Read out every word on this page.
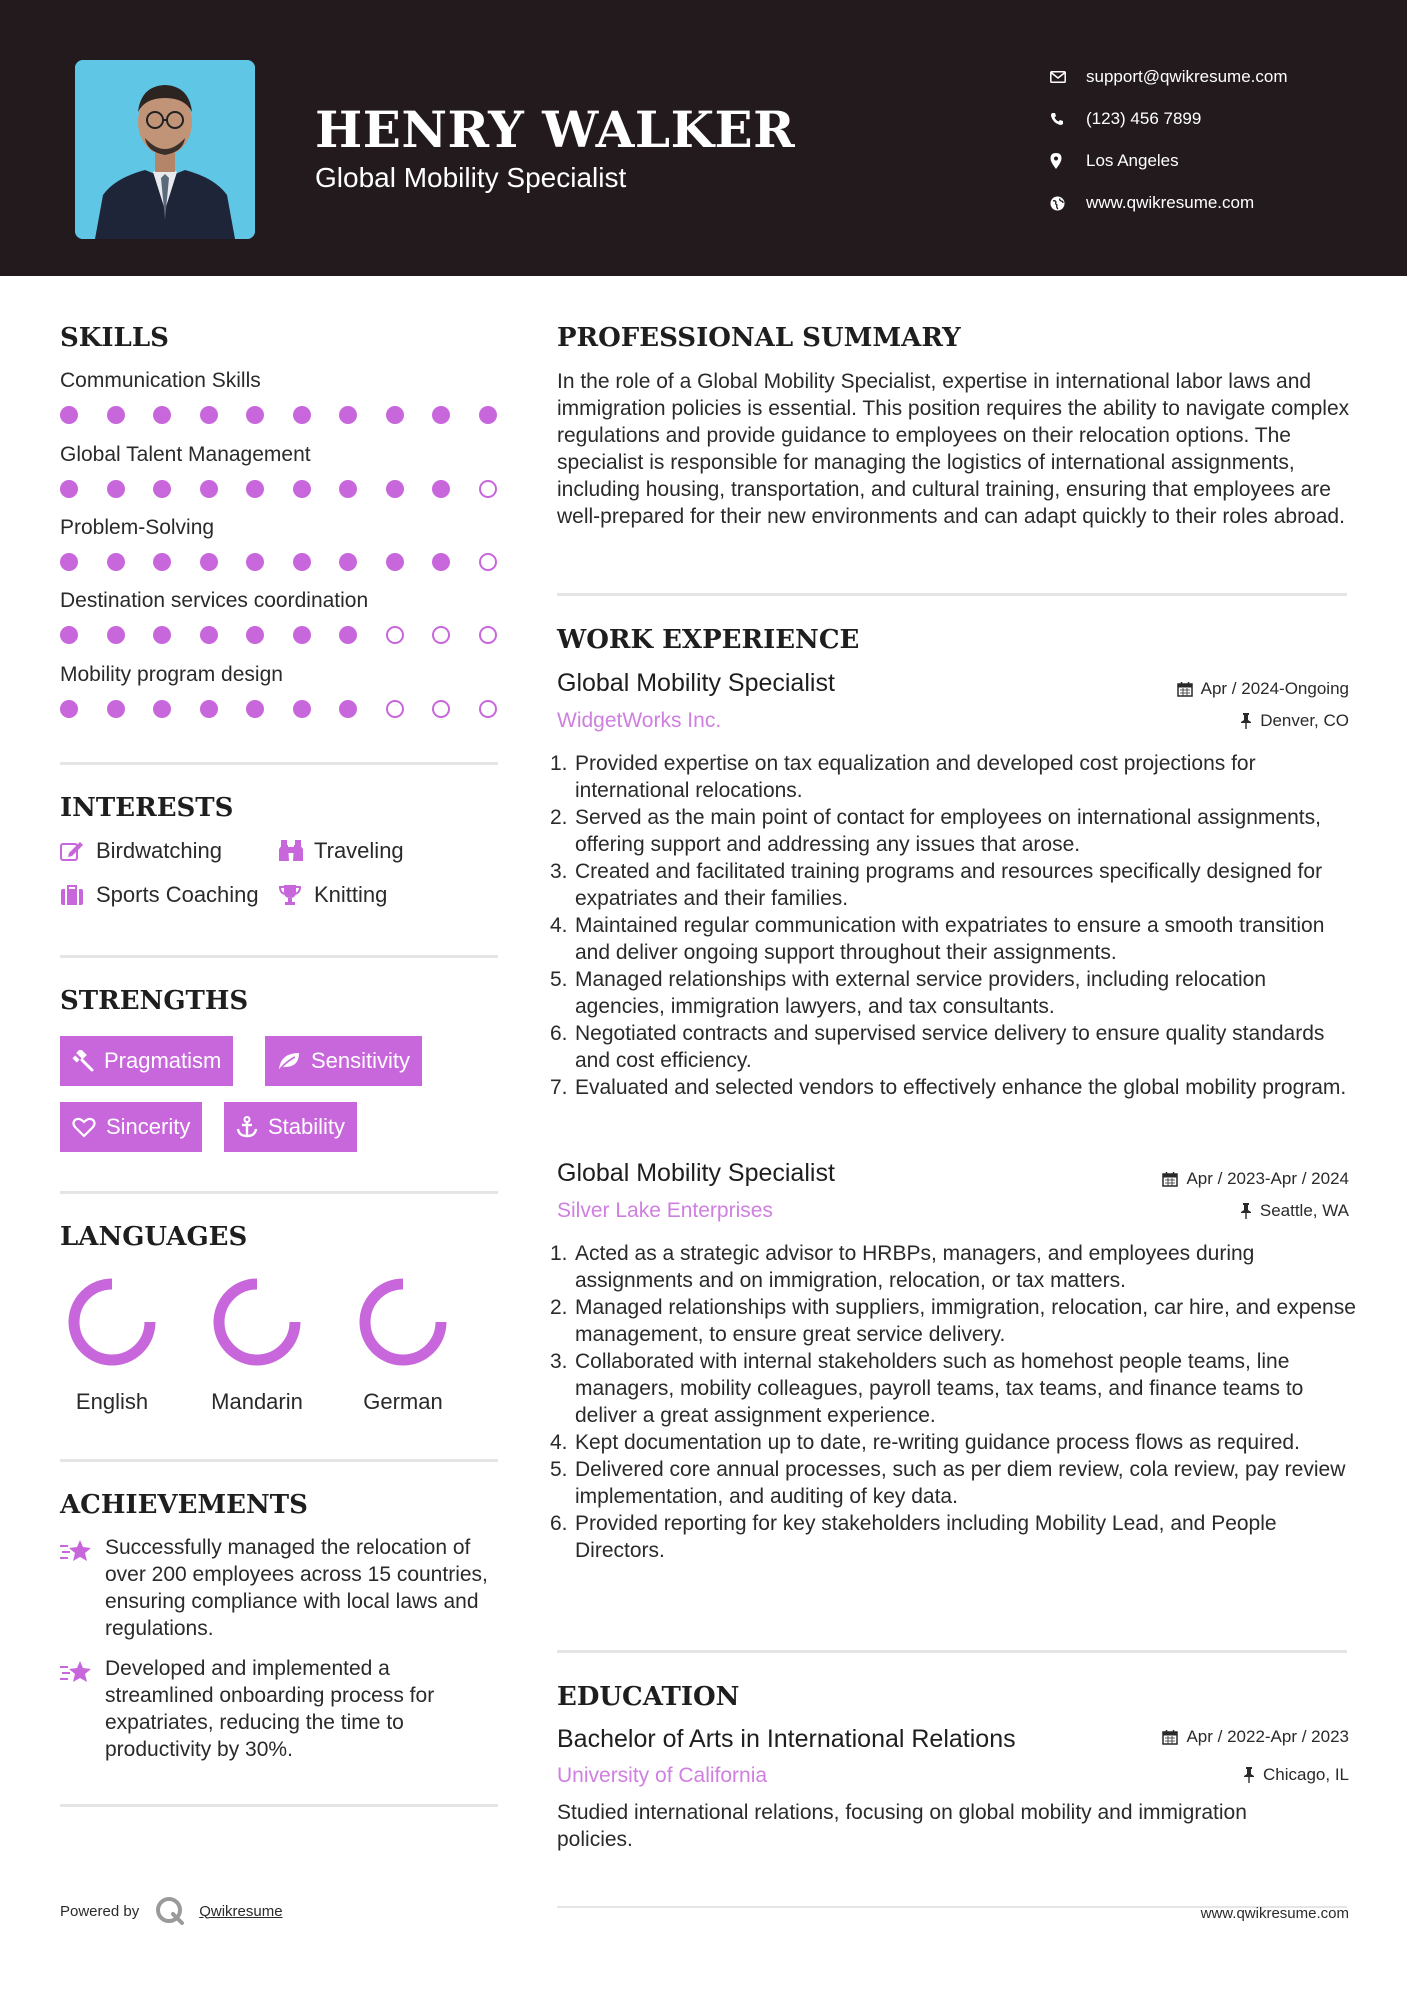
HENRY WALKER
Global Mobility Specialist
support@qwikresume.com
(123) 456 7899
Los Angeles
www.qwikresume.com
SKILLS
Communication Skills
Global Talent Management
Problem-Solving
Destination services coordination
Mobility program design
INTERESTS
Birdwatching	Traveling
Sports Coaching	Knitting
STRENGTHS
Pragmatism	Sensitivity
Sincerity	Stability
LANGUAGES
English	Mandarin	German
ACHIEVEMENTS
Successfully managed the relocation of over 200 employees across 15 countries, ensuring compliance with local laws and regulations.
Developed and implemented a streamlined onboarding process for expatriates, reducing the time to productivity by 30%.
PROFESSIONAL SUMMARY
In the role of a Global Mobility Specialist, expertise in international labor laws and immigration policies is essential. This position requires the ability to navigate complex regulations and provide guidance to employees on their relocation options. The specialist is responsible for managing the logistics of international assignments, including housing, transportation, and cultural training, ensuring that employees are well-prepared for their new environments and can adapt quickly to their roles abroad.
WORK EXPERIENCE
Global Mobility Specialist	Apr / 2024-Ongoing
WidgetWorks Inc.	Denver, CO
1. Provided expertise on tax equalization and developed cost projections for international relocations.
2. Served as the main point of contact for employees on international assignments, offering support and addressing any issues that arose.
3. Created and facilitated training programs and resources specifically designed for expatriates and their families.
4. Maintained regular communication with expatriates to ensure a smooth transition and deliver ongoing support throughout their assignments.
5. Managed relationships with external service providers, including relocation agencies, immigration lawyers, and tax consultants.
6. Negotiated contracts and supervised service delivery to ensure quality standards and cost efficiency.
7. Evaluated and selected vendors to effectively enhance the global mobility program.
Global Mobility Specialist	Apr / 2023-Apr / 2024
Silver Lake Enterprises	Seattle, WA
1. Acted as a strategic advisor to HRBPs, managers, and employees during assignments and on immigration, relocation, or tax matters.
2. Managed relationships with suppliers, immigration, relocation, car hire, and expense management, to ensure great service delivery.
3. Collaborated with internal stakeholders such as homehost people teams, line managers, mobility colleagues, payroll teams, tax teams, and finance teams to deliver a great assignment experience.
4. Kept documentation up to date, re-writing guidance process flows as required.
5. Delivered core annual processes, such as per diem review, cola review, pay review implementation, and auditing of key data.
6. Provided reporting for key stakeholders including Mobility Lead, and People Directors.
EDUCATION
Bachelor of Arts in International Relations	Apr / 2022-Apr / 2023
University of California	Chicago, IL
Studied international relations, focusing on global mobility and immigration policies.
Powered by	Qwikresume	www.qwikresume.com
